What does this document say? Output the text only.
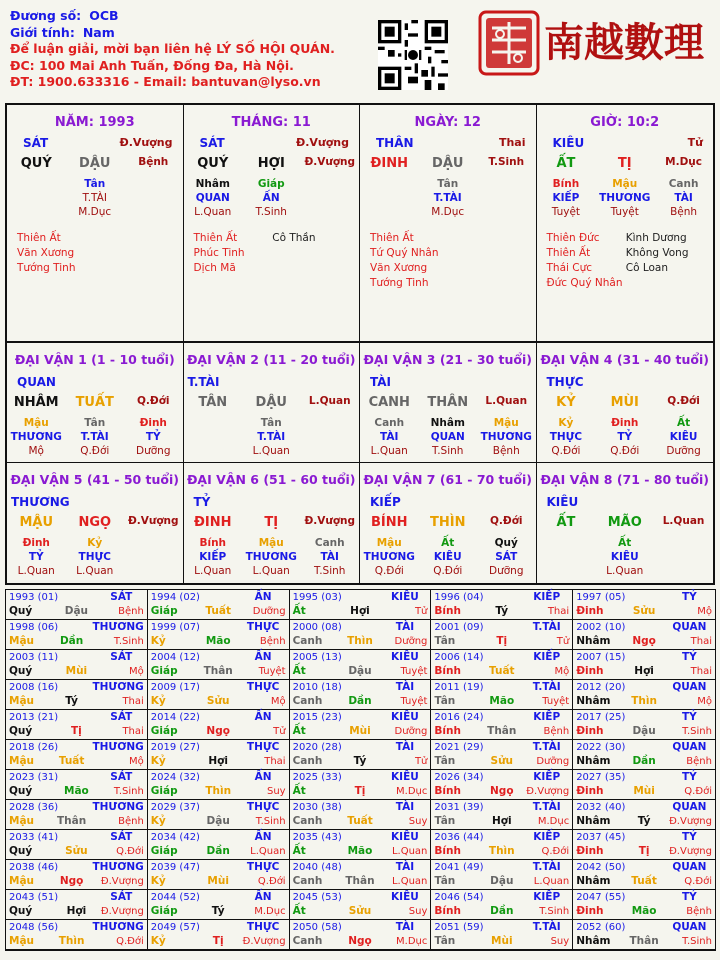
Đương số: OCB
Giới tính: Nam
Để luận giải, mời bạn liên hệ LÝ SỐ HỘI QUÁN.
ĐC: 100 Mai Anh Tuấn, Đống Đa, Hà Nội.
ĐT: 1900.633316 - Email: bantuvan@lyso.vn
南越數理
NĂM: 1993
SÁT	Đ.Vượng
QUÝ	DẬU	Bệnh
Tân
T.TÀI
M.Dục
Thiên Ất
Văn Xương
Tướng Tinh
THÁNG: 11
SÁT	Đ.Vượng
QUÝ	HỢI	Đ.Vượng
Nhâm	Giáp
QUAN	ẤN
L.Quan	T.Sinh
Thiên Ất
Phúc Tinh
Dịch Mã
Cô Thần
NGÀY: 12
THÂN	Thai
ĐINH	DẬU	T.Sinh
Tân
T.TÀI
M.Dục
Thiên Ất
Tứ Quý Nhân
Văn Xương
Tướng Tinh
GIỜ: 10:2
KIÊU	Tử
ẤT	TỊ	M.Dục
Bính	Mậu	Canh
KIẾP	THƯƠNG	TÀI
Tuyệt	Tuyệt	Bệnh
Thiên Đức
Thiên Ất
Thái Cực
Đức Quý Nhân
Kình Dương
Không Vong
Cô Loan
ĐẠI VẬN 1 (1 - 10 tuổi)
QUAN
NHÂM	TUẤT	Q.Đới
Mậu	Tân	Đinh
THƯƠNG	T.TÀI	TỶ
Mộ	Q.Đới	Dưỡng
ĐẠI VẬN 2 (11 - 20 tuổi)
T.TÀI
TÂN	DẬU	L.Quan
Tân
T.TÀI
L.Quan
ĐẠI VẬN 3 (21 - 30 tuổi)
TÀI
CANH	THÂN	L.Quan
Canh	Nhâm	Mậu
TÀI	QUAN	THƯƠNG
L.Quan	T.Sinh	Bệnh
ĐẠI VẬN 4 (31 - 40 tuổi)
THỰC
KỶ	MÙI	Q.Đới
Kỷ	Đinh	Ất
THỰC	TỶ	KIÊU
Q.Đới	Q.Đới	Dưỡng
ĐẠI VẬN 5 (41 - 50 tuổi)
THƯƠNG
MẬU	NGỌ	Đ.Vượng
Đinh	Kỷ
TỶ	THỰC
L.Quan	L.Quan
ĐẠI VẬN 6 (51 - 60 tuổi)
TỶ
ĐINH	TỊ	Đ.Vượng
Bính	Mậu	Canh
KIẾP	THƯƠNG	TÀI
L.Quan	L.Quan	T.Sinh
ĐẠI VẬN 7 (61 - 70 tuổi)
KIẾP
BÍNH	THÌN	Q.Đới
Mậu	Ất	Quý
THƯƠNG	KIÊU	SÁT
Q.Đới	Q.Đới	Dưỡng
ĐẠI VẬN 8 (71 - 80 tuổi)
KIÊU
ẤT	MÃO	L.Quan
Ất
KIÊU
L.Quan
1993 (01)	SÁT
Quý	Dậu	Bệnh
1994 (02)	ẤN
Giáp	Tuất	Dưỡng
1995 (03)	KIÊU
Ất	Hợi	Tử
1996 (04)	KIẾP
Bính	Tý	Thai
1997 (05)	TỶ
Đinh	Sửu	Mộ
1998 (06)	THƯƠNG
Mậu	Dần	T.Sinh
1999 (07)	THỰC
Kỷ	Mão	Bệnh
2000 (08)	TÀI
Canh	Thìn	Dưỡng
2001 (09)	T.TÀI
Tân	Tị	Tử
2002 (10)	QUAN
Nhâm	Ngọ	Thai
2003 (11)	SÁT
Quý	Mùi	Mộ
2004 (12)	ẤN
Giáp	Thân	Tuyệt
2005 (13)	KIÊU
Ất	Dậu	Tuyệt
2006 (14)	KIẾP
Bính	Tuất	Mộ
2007 (15)	TỶ
Đinh	Hợi	Thai
2008 (16)	THƯƠNG
Mậu	Tý	Thai
2009 (17)	THỰC
Kỷ	Sửu	Mộ
2010 (18)	TÀI
Canh	Dần	Tuyệt
2011 (19)	T.TÀI
Tân	Mão	Tuyệt
2012 (20)	QUAN
Nhâm	Thìn	Mộ
2013 (21)	SÁT
Quý	Tị	Thai
2014 (22)	ẤN
Giáp	Ngọ	Tử
2015 (23)	KIÊU
Ất	Mùi	Dưỡng
2016 (24)	KIẾP
Bính	Thân	Bệnh
2017 (25)	TỶ
Đinh	Dậu	T.Sinh
2018 (26)	THƯƠNG
Mậu	Tuất	Mộ
2019 (27)	THỰC
Kỷ	Hợi	Thai
2020 (28)	TÀI
Canh	Tý	Tử
2021 (29)	T.TÀI
Tân	Sửu	Dưỡng
2022 (30)	QUAN
Nhâm	Dần	Bệnh
2023 (31)	SÁT
Quý	Mão	T.Sinh
2024 (32)	ẤN
Giáp	Thìn	Suy
2025 (33)	KIÊU
Ất	Tị	M.Dục
2026 (34)	KIẾP
Bính	Ngọ	Đ.Vượng
2027 (35)	TỶ
Đinh	Mùi	Q.Đới
2028 (36)	THƯƠNG
Mậu	Thân	Bệnh
2029 (37)	THỰC
Kỷ	Dậu	T.Sinh
2030 (38)	TÀI
Canh	Tuất	Suy
2031 (39)	T.TÀI
Tân	Hợi	M.Dục
2032 (40)	QUAN
Nhâm	Tý	Đ.Vượng
2033 (41)	SÁT
Quý	Sửu	Q.Đới
2034 (42)	ẤN
Giáp	Dần	L.Quan
2035 (43)	KIÊU
Ất	Mão	L.Quan
2036 (44)	KIẾP
Bính	Thìn	Q.Đới
2037 (45)	TỶ
Đinh	Tị	Đ.Vượng
2038 (46)	THƯƠNG
Mậu	Ngọ	Đ.Vượng
2039 (47)	THỰC
Kỷ	Mùi	Q.Đới
2040 (48)	TÀI
Canh	Thân	L.Quan
2041 (49)	T.TÀI
Tân	Dậu	L.Quan
2042 (50)	QUAN
Nhâm	Tuất	Q.Đới
2043 (51)	SÁT
Quý	Hợi	Đ.Vượng
2044 (52)	ẤN
Giáp	Tý	M.Dục
2045 (53)	KIÊU
Ất	Sửu	Suy
2046 (54)	KIẾP
Bính	Dần	T.Sinh
2047 (55)	TỶ
Đinh	Mão	Bệnh
2048 (56)	THƯƠNG
Mậu	Thìn	Q.Đới
2049 (57)	THỰC
Kỷ	Tị	Đ.Vượng
2050 (58)	TÀI
Canh	Ngọ	M.Dục
2051 (59)	T.TÀI
Tân	Mùi	Suy
2052 (60)	QUAN
Nhâm	Thân	T.Sinh
